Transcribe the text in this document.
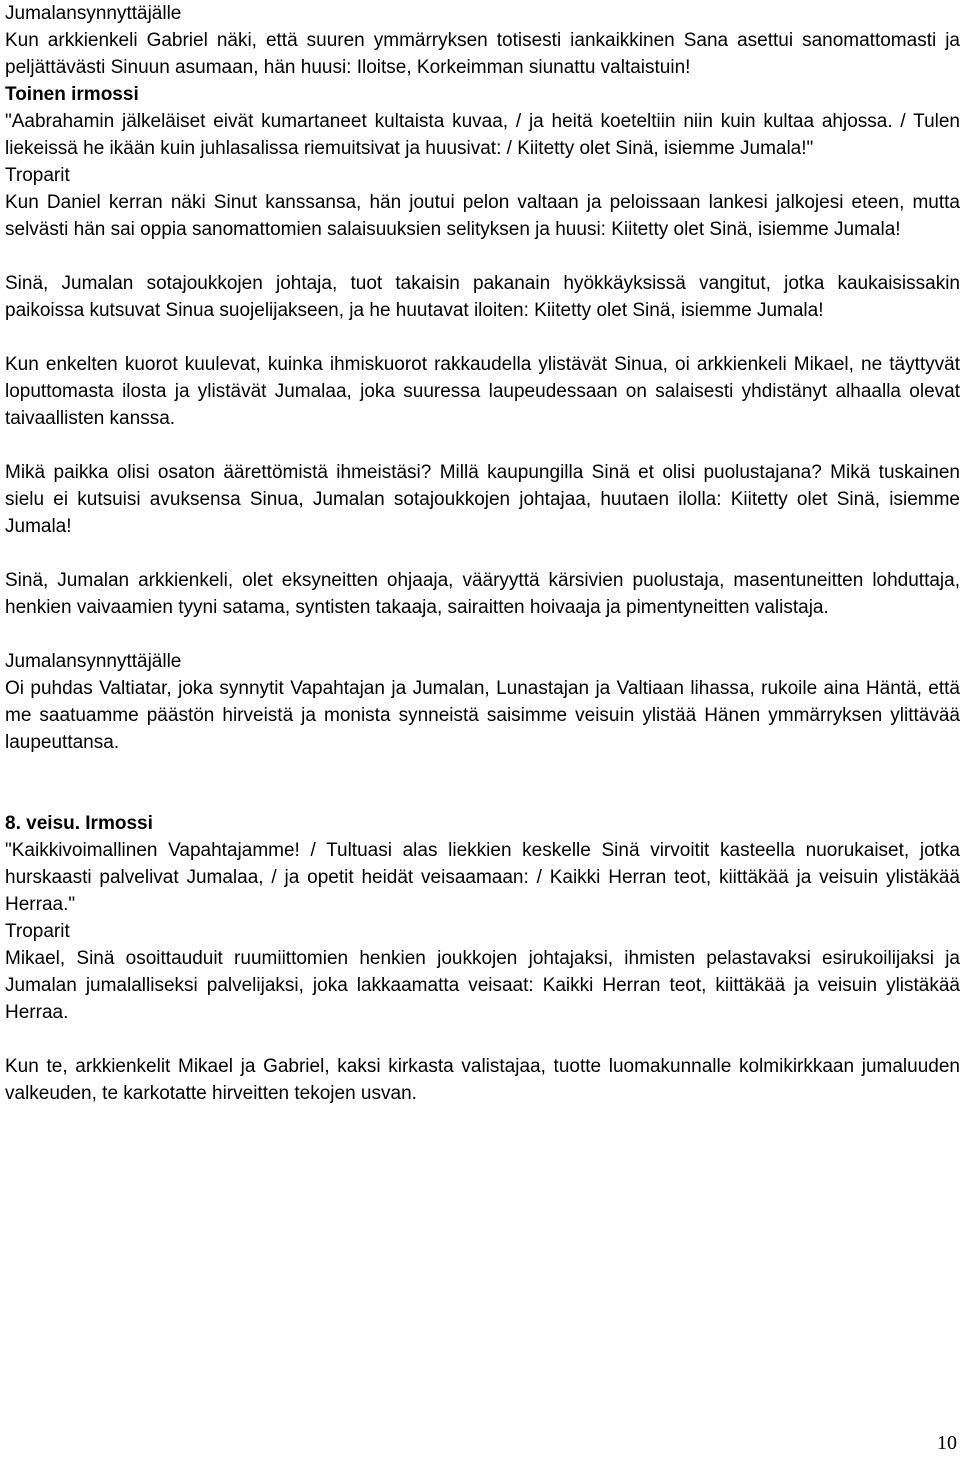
Jumalansynnyttäjälle

Kun arkkienkeli Gabriel näki, että suuren ymmärryksen totisesti iankaikkinen Sana asettui sanomattomasti ja peljättävästi Sinuun asumaan, hän huusi: Iloitse, Korkeimman siunattu valtaistuin!

Toinen irmossi

"Aabrahamin jälkeläiset eivät kumartaneet kultaista kuvaa, / ja heitä koeteltiin niin kuin kultaa ahjossa. / Tulen liekeissä he ikään kuin juhlasalissa riemuitsivat ja huusivat: / Kiitetty olet Sinä, isiemme Jumala!"

Troparit

Kun Daniel kerran näki Sinut kanssansa, hän joutui pelon valtaan ja peloissaan lankesi jalkojesi eteen, mutta selvästi hän sai oppia sanomattomien salaisuuksien selityksen ja huusi: Kiitetty olet Sinä, isiemme Jumala!

Sinä, Jumalan sotajoukkojen johtaja, tuot takaisin pakanain hyökkäyksissä vangitut, jotka kaukaisissakin paikoissa kutsuvat Sinua suojelijakseen, ja he huutavat iloiten: Kiitetty olet Sinä, isiemme Jumala!

Kun enkelten kuorot kuulevat, kuinka ihmiskuorot rakkaudella ylistävät Sinua, oi arkkienkeli Mikael, ne täyttyvät loputtomasta ilosta ja ylistävät Jumalaa, joka suuressa laupeudessaan on salaisesti yhdistänyt alhaalla olevat taivaallisten kanssa.

Mikä paikka olisi osaton äärettömistä ihmeistäsi? Millä kaupungilla Sinä et olisi puolustajana? Mikä tuskainen sielu ei kutsuisi avuksensa Sinua, Jumalan sotajoukkojen johtajaa, huutaen ilolla: Kiitetty olet Sinä, isiemme Jumala!

Sinä, Jumalan arkkienkeli, olet eksyneitten ohjaaja, vääryyttä kärsivien puolustaja, masentuneitten lohduttaja, henkien vaivaamien tyyni satama, syntisten takaaja, sairaitten hoivaaja ja pimentyneitten valistaja.

Jumalansynnyttäjälle

Oi puhdas Valtiatar, joka synnytit Vapahtajan ja Jumalan, Lunastajan ja Valtiaan lihassa, rukoile aina Häntä, että me saatuamme päästön hirveistä ja monista synneistä saisimme veisuin ylistää Hänen ymmärryksen ylittävää laupeuttansa.

8. veisu. Irmossi

"Kaikkivoimallinen Vapahtajamme! / Tultuasi alas liekkien keskelle Sinä virvoitit kasteella nuorukaiset, jotka hurskaasti palvelivat Jumalaa, / ja opetit heidät veisaamaan: / Kaikki Herran teot, kiittäkää ja veisuin ylistäkää Herraa."

Troparit

Mikael, Sinä osoittauduit ruumiittomien henkien joukkojen johtajaksi, ihmisten pelastavaksi esirukoilijaksi ja Jumalan jumalalliseksi palvelijaksi, joka lakkaamatta veisaat: Kaikki Herran teot, kiittäkää ja veisuin ylistäkää Herraa.

Kun te, arkkienkelit Mikael ja Gabriel, kaksi kirkasta valistajaa, tuotte luomakunnalle kolmikirkkaan jumaluuden valkeuden, te karkotatte hirveitten tekojen usvan.

10
